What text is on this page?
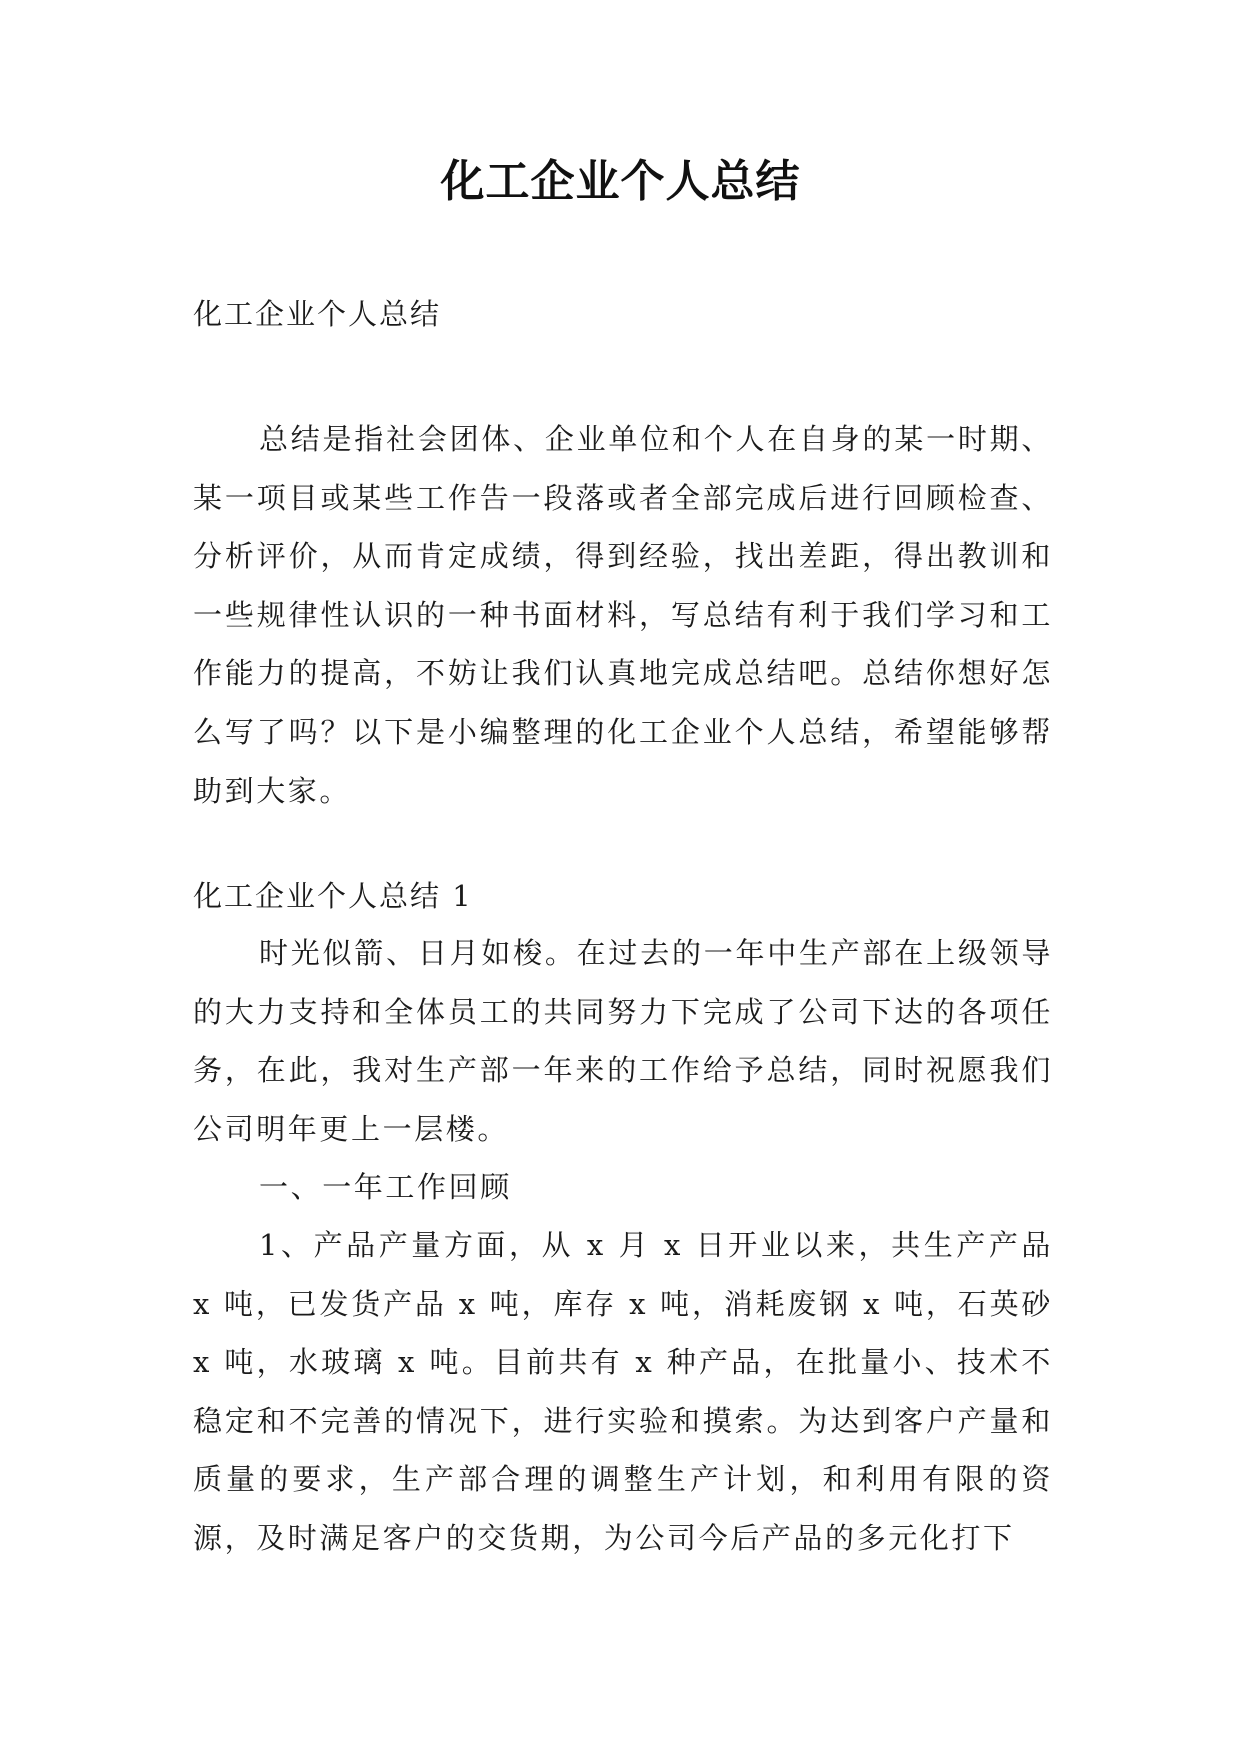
化工企业个人总结
化工企业个人总结
总结是指社会团体、企业单位和个人在自身的某一时期、某一项目或某些工作告一段落或者全部完成后进行回顾检查、分析评价，从而肯定成绩，得到经验，找出差距，得出教训和一些规律性认识的一种书面材料，写总结有利于我们学习和工作能力的提高，不妨让我们认真地完成总结吧。总结你想好怎么写了吗？以下是小编整理的化工企业个人总结，希望能够帮助到大家。
化工企业个人总结 1
时光似箭、日月如梭。在过去的一年中生产部在上级领导的大力支持和全体员工的共同努力下完成了公司下达的各项任务，在此，我对生产部一年来的工作给予总结，同时祝愿我们公司明年更上一层楼。
一、一年工作回顾
1、产品产量方面，从 x 月 x 日开业以来，共生产产品 x 吨，已发货产品 x 吨，库存 x 吨，消耗废钢 x 吨，石英砂 x 吨，水玻璃 x 吨。目前共有 x 种产品，在批量小、技术不稳定和不完善的情况下，进行实验和摸索。为达到客户产量和质量的要求，生产部合理的调整生产计划，和利用有限的资源，及时满足客户的交货期，为公司今后产品的多元化打下
